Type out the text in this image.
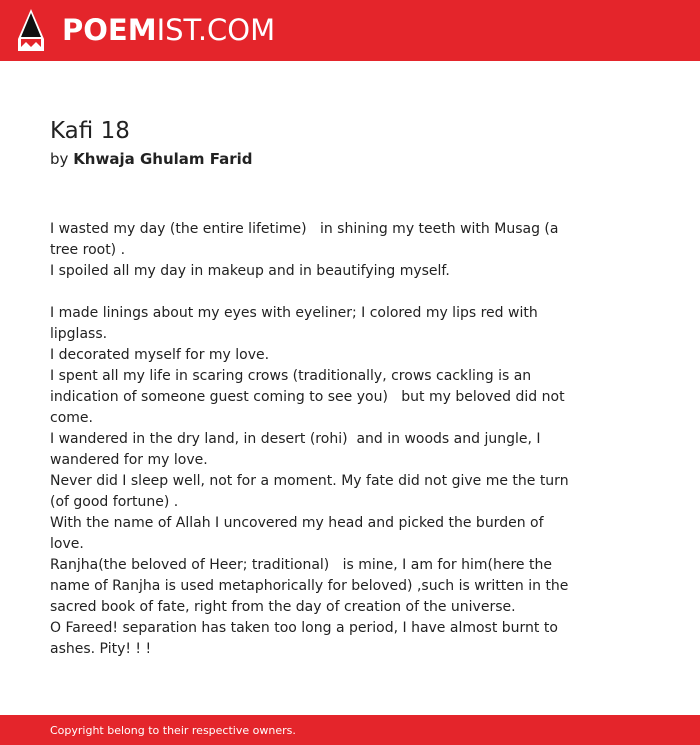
POEMIST.COM
Kafi 18
by Khwaja Ghulam Farid
I wasted my day (the entire lifetime)   in shining my teeth with Musag (a tree root) .
I spoiled all my day in makeup and in beautifying myself.
I made linings about my eyes with eyeliner; I colored my lips red with lipglass.
I decorated myself for my love.
I spent all my life in scaring crows (traditionally, crows cackling is an indication of someone guest coming to see you)   but my beloved did not come.
I wandered in the dry land, in desert (rohi)  and in woods and jungle, I wandered for my love.
Never did I sleep well, not for a moment. My fate did not give me the turn (of good fortune) .
With the name of Allah I uncovered my head and picked the burden of love.
Ranjha(the beloved of Heer; traditional)   is mine, I am for him(here the name of Ranjha is used metaphorically for beloved) ,such is written in the sacred book of fate, right from the day of creation of the universe.
O Fareed! separation has taken too long a period, I have almost burnt to ashes. Pity! ! !
Copyright belong to their respective owners.
